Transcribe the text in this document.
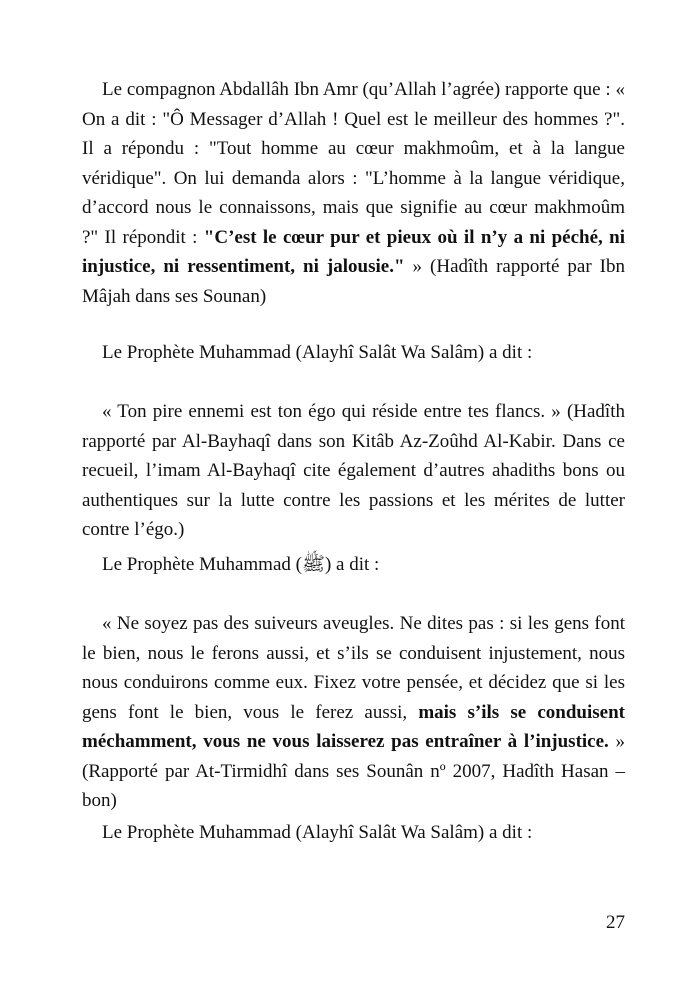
Le compagnon Abdallâh Ibn Amr (qu’Allah l’agrée) rapporte que : « On a dit : "Ô Messager d’Allah ! Quel est le meilleur des hommes ?". Il a répondu : "Tout homme au cœur makhmoûm, et à la langue véridique". On lui demanda alors : "L’homme à la langue véridique, d’accord nous le connaissons, mais que signifie au cœur makhmoûm ?" Il répondit : "C’est le cœur pur et pieux où il n’y a ni péché, ni injustice, ni ressentiment, ni jalousie." » (Hadîth rapporté par Ibn Mâjah dans ses Sounan)

Le Prophète Muhammad (Alayhî Salât Wa Salâm) a dit :

« Ton pire ennemi est ton égo qui réside entre tes flancs. » (Hadîth rapporté par Al-Bayhaqî dans son Kitâb Az-Zoûhd Al-Kabir. Dans ce recueil, l’imam Al-Bayhaqî cite également d’autres ahadiths bons ou authentiques sur la lutte contre les passions et les mérites de lutter contre l’égo.)

Le Prophète Muhammad (ﷺ) a dit :

« Ne soyez pas des suiveurs aveugles. Ne dites pas : si les gens font le bien, nous le ferons aussi, et s’ils se conduisent injustement, nous nous conduirons comme eux. Fixez votre pensée, et décidez que si les gens font le bien, vous le ferez aussi, mais s’ils se conduisent méchamment, vous ne vous laisserez pas entraîner à l’injustice. » (Rapporté par At-Tirmidhî dans ses Sounân nº 2007, Hadîth Hasan – bon)

Le Prophète Muhammad (Alayhî Salât Wa Salâm) a dit :

27
